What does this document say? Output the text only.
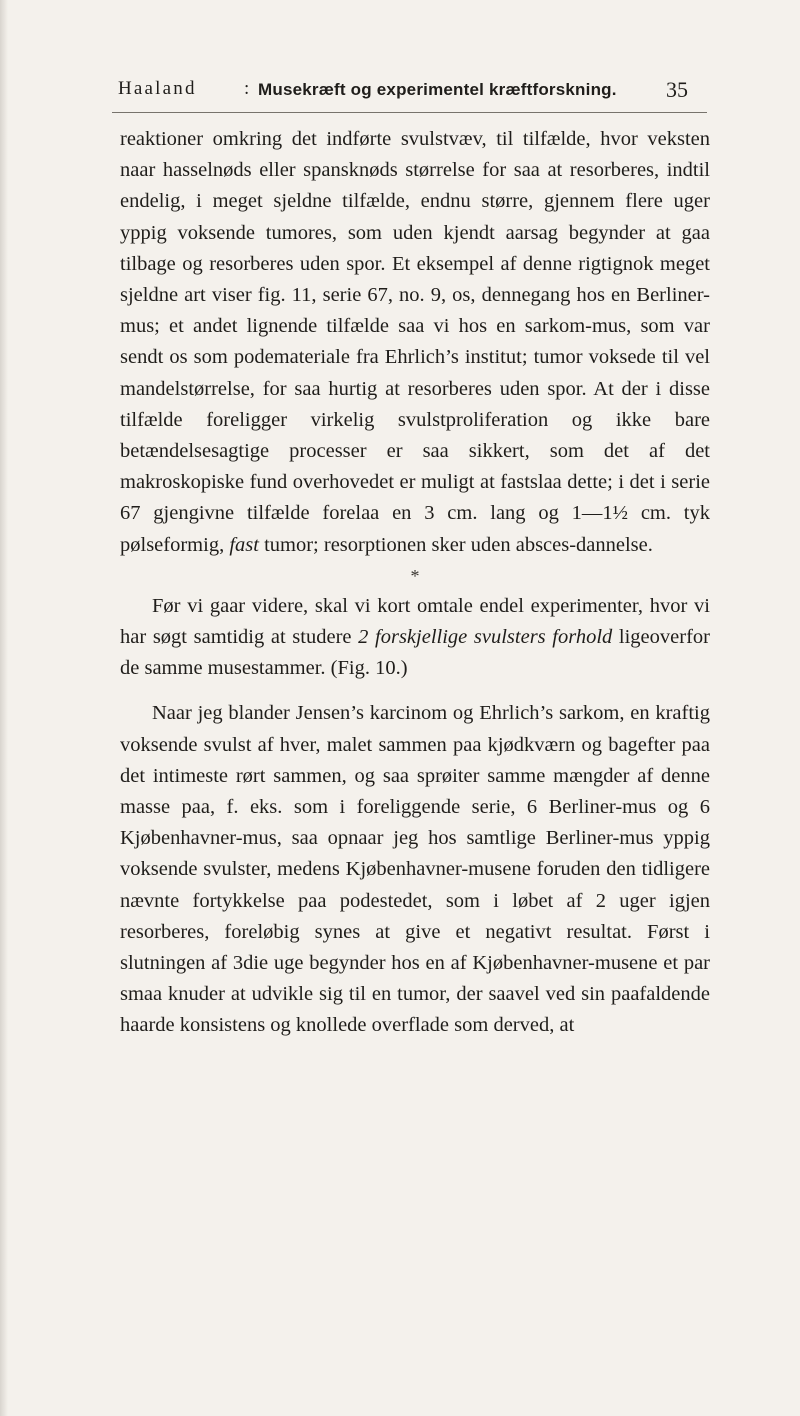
Haaland : Musekræft og experimentel kræftforskning. 35

reaktioner omkring det indførte svulstvæv, til tilfælde, hvor veksten naar hasselnøds eller spansknøds størrelse for saa at resorberes, indtil endelig, i meget sjeldne tilfælde, endnu større, gjennem flere uger yppig voksende tumores, som uden kjendt aarsag begynder at gaa tilbage og resorberes uden spor. Et eksempel af denne rigtignok meget sjeldne art viser fig. 11, serie 67, no. 9, os, dennegang hos en Berliner-mus; et andet lignende tilfælde saa vi hos en sarkom-mus, som var sendt os som podemateriale fra Ehrlich’s institut; tumor voksede til vel mandelstørrelse, for saa hurtig at resorberes uden spor. At der i disse tilfælde foreligger virkelig svulstproliferation og ikke bare betændelsesagtige processer er saa sikkert, som det af det makroskopiske fund overhovedet er muligt at fastslaa dette; i det i serie 67 gjengivne tilfælde forelaa en 3 cm. lang og 1—1½ cm. tyk pølseformig, fast tumor; resorptionen sker uden absces-dannelse.

*

Før vi gaar videre, skal vi kort omtale endel experimenter, hvor vi har søgt samtidig at studere 2 forskjellige svulsters forhold ligeoverfor de samme musestammer. (Fig. 10.)

Naar jeg blander Jensen’s karcinom og Ehrlich’s sarkom, en kraftig voksende svulst af hver, malet sammen paa kjødkværn og bagefter paa det intimeste rørt sammen, og saa sprøiter samme mængder af denne masse paa, f. eks. som i foreliggende serie, 6 Berliner-mus og 6 Kjøbenhavner-mus, saa opnaar jeg hos samtlige Berliner-mus yppig voksende svulster, medens Kjøbenhavner-musene foruden den tidligere nævnte fortykkelse paa podestedet, som i løbet af 2 uger igjen resorberes, foreløbig synes at give et negativt resultat. Først i slutningen af 3die uge begynder hos en af Kjøbenhavner-musene et par smaa knuder at udvikle sig til en tumor, der saavel ved sin paafaldende haarde konsistens og knollede overflade som derved, at
